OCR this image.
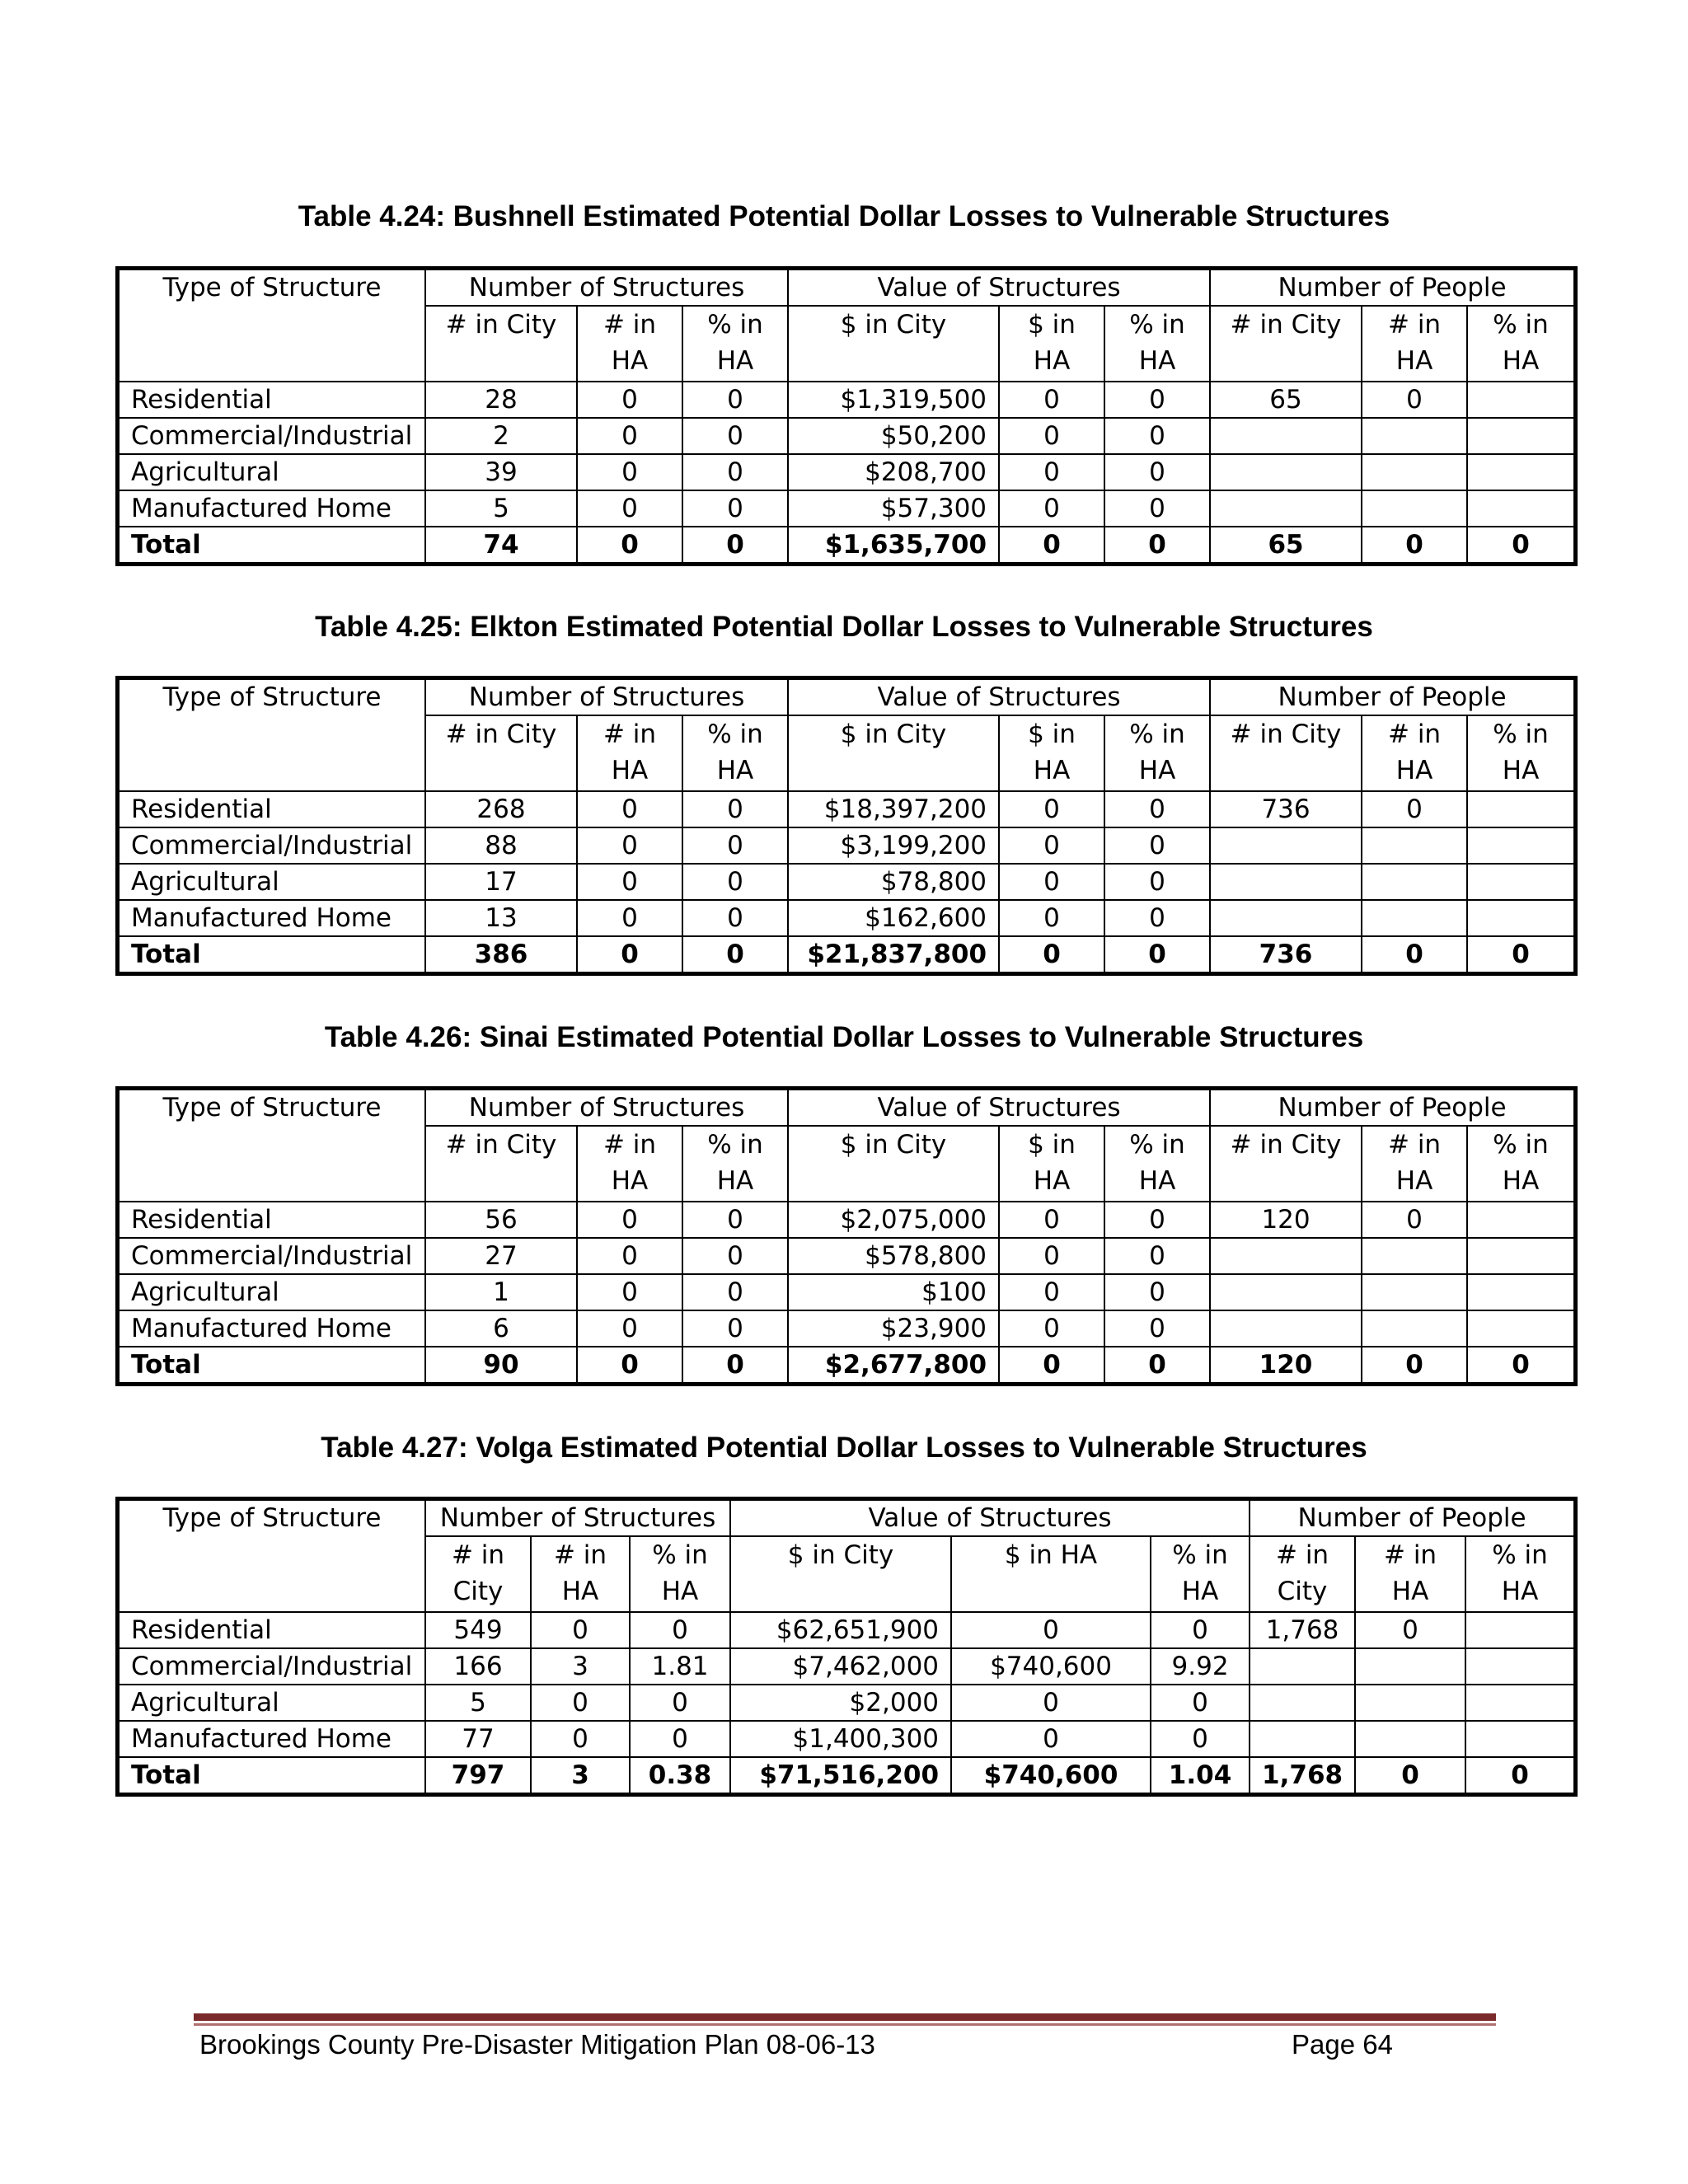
Table 4.24: Bushnell Estimated Potential Dollar Losses to Vulnerable Structures
Type of Structure	Number of Structures			Value of Structures			Number of People		
	# in City	# in HA	% in HA	$ in City	$ in HA	% in HA	# in City	# in HA	% in HA
Residential	28	0	0	$1,319,500	0	0	65	0	
Commercial/Industrial	2	0	0	$50,200	0	0			
Agricultural	39	0	0	$208,700	0	0			
Manufactured Home	5	0	0	$57,300	0	0			
Total	74	0	0	$1,635,700	0	0	65	0	0
Table 4.25: Elkton Estimated Potential Dollar Losses to Vulnerable Structures
Type of Structure	Number of Structures			Value of Structures			Number of People		
	# in City	# in HA	% in HA	$ in City	$ in HA	% in HA	# in City	# in HA	% in HA
Residential	268	0	0	$18,397,200	0	0	736	0	
Commercial/Industrial	88	0	0	$3,199,200	0	0			
Agricultural	17	0	0	$78,800	0	0			
Manufactured Home	13	0	0	$162,600	0	0			
Total	386	0	0	$21,837,800	0	0	736	0	0
Table 4.26: Sinai Estimated Potential Dollar Losses to Vulnerable Structures
Type of Structure	Number of Structures			Value of Structures			Number of People		
	# in City	# in HA	% in HA	$ in City	$ in HA	% in HA	# in City	# in HA	% in HA
Residential	56	0	0	$2,075,000	0	0	120	0	
Commercial/Industrial	27	0	0	$578,800	0	0			
Agricultural	1	0	0	$100	0	0			
Manufactured Home	6	0	0	$23,900	0	0			
Total	90	0	0	$2,677,800	0	0	120	0	0
Table 4.27: Volga Estimated Potential Dollar Losses to Vulnerable Structures
Type of Structure	Number of Structures			Value of Structures			Number of People		
	# in City	# in HA	% in HA	$ in City	$ in HA	% in HA	# in City	# in HA	% in HA
Residential	549	0	0	$62,651,900	0	0	1,768	0	
Commercial/Industrial	166	3	1.81	$7,462,000	$740,600	9.92			
Agricultural	5	0	0	$2,000	0	0			
Manufactured Home	77	0	0	$1,400,300	0	0			
Total	797	3	0.38	$71,516,200	$740,600	1.04	1,768	0	0
Brookings County Pre-Disaster Mitigation Plan 08-06-13	Page 64
